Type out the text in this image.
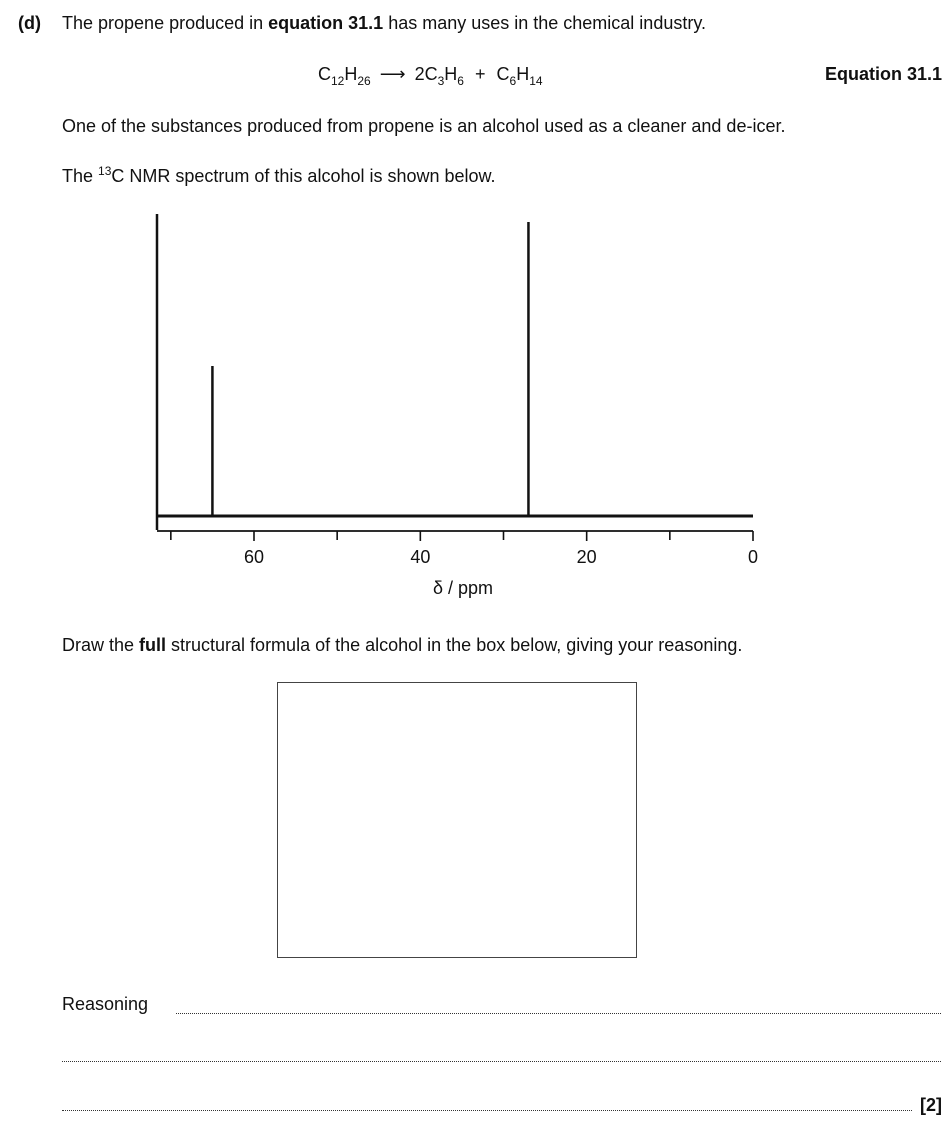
(d) The propene produced in equation 31.1 has many uses in the chemical industry.
$C_{12}H_{26}$ ⟶ $2C_3H_6 + C_6H_{14}$	Equation 31.1
One of the substances produced from propene is an alcohol used as a cleaner and de-icer.
The $^{13}$C NMR spectrum of this alcohol is shown below.
60	40	20	0
δ / ppm
Draw the full structural formula of the alcohol in the box below, giving your reasoning.
Reasoning
[2]
